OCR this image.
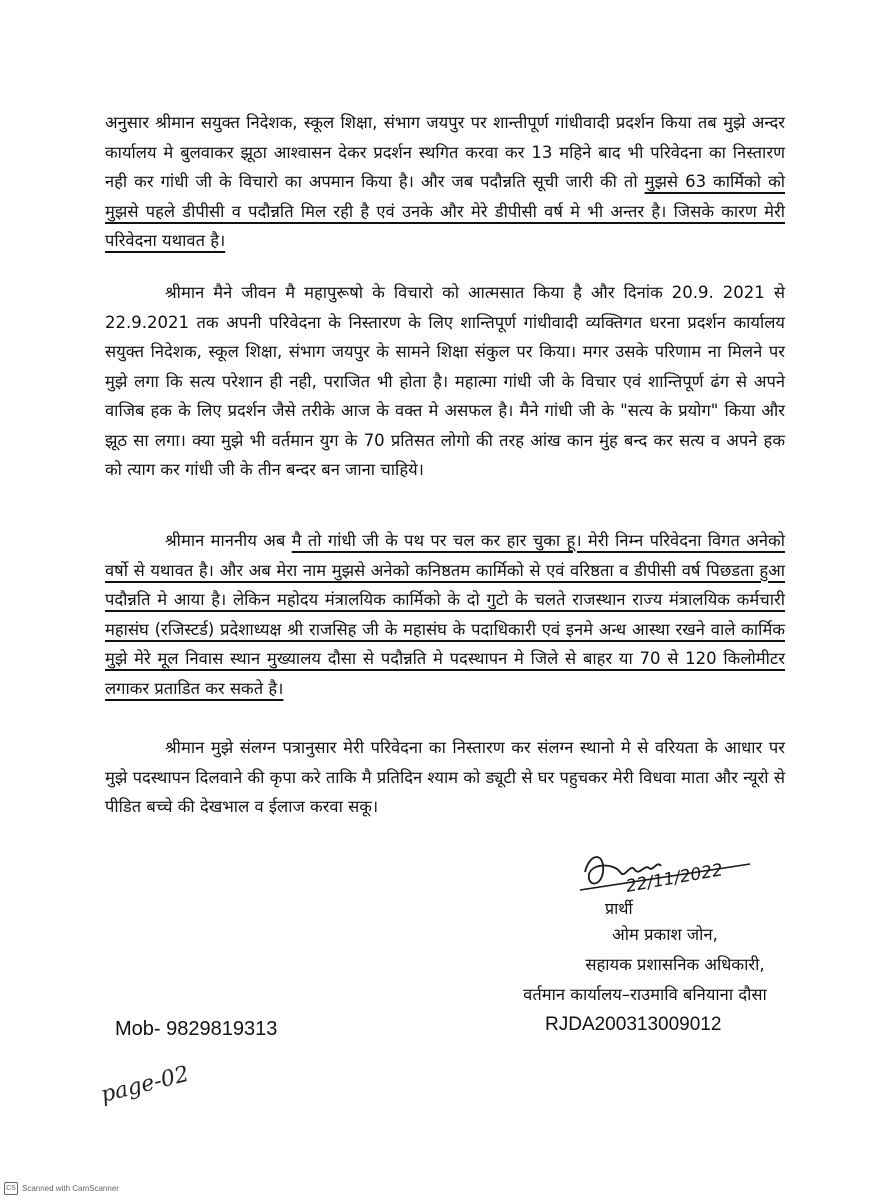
अनुसार श्रीमान सयुक्त निदेशक, स्कूल शिक्षा, संभाग जयपुर पर शान्तीपूर्ण गांधीवादी प्रदर्शन किया तब मुझे अन्दर कार्यालय मे बुलवाकर झूठा आश्वासन देकर प्रदर्शन स्थगित करवा कर 13 महिने बाद भी परिवेदना का निस्तारण नही कर गांधी जी के विचारो का अपमान किया है। और जब पदौन्नति सूची जारी की तो मुझसे 63 कार्मिको को मुझसे पहले डीपीसी व पदौन्नति मिल रही है एवं उनके और मेरे डीपीसी वर्ष मे भी अन्तर है। जिसके कारण मेरी परिवेदना यथावत है।
श्रीमान मैने जीवन मै महापुरूषो के विचारो को आत्मसात किया है और दिनांक 20.9. 2021 से 22.9.2021 तक अपनी परिवेदना के निस्तारण के लिए शान्तिपूर्ण गांधीवादी व्यक्तिगत धरना प्रदर्शन कार्यालय सयुक्त निदेशक, स्कूल शिक्षा, संभाग जयपुर के सामने शिक्षा संकुल पर किया। मगर उसके परिणाम ना मिलने पर मुझे लगा कि सत्य परेशान ही नही, पराजित भी होता है। महात्मा गांधी जी के विचार एवं शान्तिपूर्ण ढंग से अपने वाजिब हक के लिए प्रदर्शन जैसे तरीके आज के वक्त मे असफल है। मैने गांधी जी के "सत्य के प्रयोग" किया और झूठ सा लगा। क्या मुझे भी वर्तमान युग के 70 प्रतिसत लोगो की तरह आंख कान मुंह बन्द कर सत्य व अपने हक को त्याग कर गांधी जी के तीन बन्दर बन जाना चाहिये।
श्रीमान माननीय अब मै तो गांधी जी के पथ पर चल कर हार चुका हू। मेरी निम्न परिवेदना विगत अनेको वर्षो से यथावत है। और अब मेरा नाम मुझसे अनेको कनिष्ठतम कार्मिको से एवं वरिष्ठता व डीपीसी वर्ष पिछडता हुआ पदौन्नति मे आया है। लेकिन महोदय मंत्रालयिक कार्मिको के दो गुटो के चलते राजस्थान राज्य मंत्रालयिक कर्मचारी महासंघ (रजिस्टर्ड) प्रदेशाध्यक्ष श्री राजसिह जी के महासंघ के पदाधिकारी एवं इनमे अन्ध आस्था रखने वाले कार्मिक मुझे मेरे मूल निवास स्थान मुख्यालय दौसा से पदौन्नति मे पदस्थापन मे जिले से बाहर या 70 से 120 किलोमीटर लगाकर प्रताडित कर सकते है।
श्रीमान मुझे संलग्न पत्रानुसार मेरी परिवेदना का निस्तारण कर संलग्न स्थानो मे से वरियता के आधार पर मुझे पदस्थापन दिलवाने की कृपा करे ताकि मै प्रतिदिन श्याम को ड्यूटी से घर पहुचकर मेरी विधवा माता और न्यूरो से पीडित बच्चे की देखभाल व ईलाज करवा सकू।
22/11/2022
प्रार्थी
ओम प्रकाश जोन,
सहायक प्रशासनिक अधिकारी,
वर्तमान कार्यालय–राउमावि बनियाना दौसा
RJDA200313009012
Mob- 9829819313
page-02
CS Scanned with CamScanner
